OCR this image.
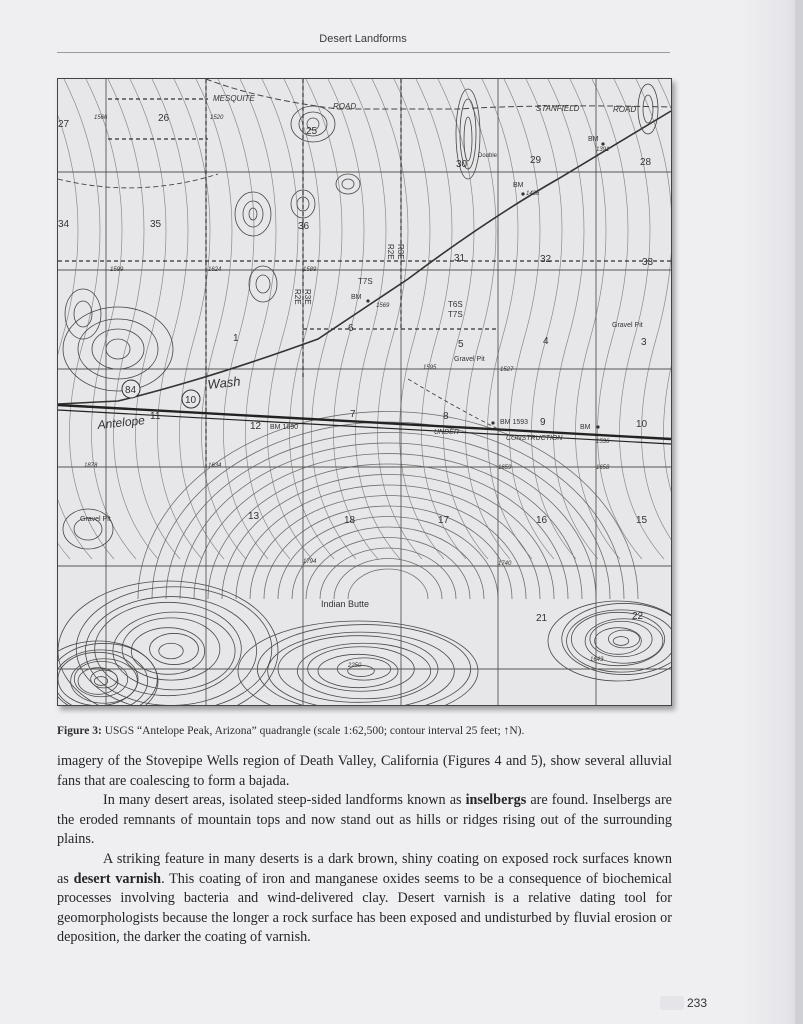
Desert Landforms
84
10
MESQUITE
ROAD	STANFIELD	ROAD
Wash
Antelope
Indian Butte
Double
Gravel Pit
Gravel Pit
Gravel Pit
UNDER
CONSTRUCTION
T7S
T6S
T7S
R2E R3E
R2E R3E
BM
BM
BM
BM
BM 1690
BM 1593
26
25
30	29	28
27
35	36
31	32	33
34
1
6
5	4	3
12
7	8
9	10
11
13	18	17	16	15
21	22
1391
1436
1569
1595	1527
1536
1658
1659
1643
2250
1520
1566
1624	1589
1599
1634
1794
1878
1740
Figure 3: USGS “Antelope Peak, Arizona” quadrangle (scale 1:62,500; contour interval 25 feet; ↑N).

imagery of the Stovepipe Wells region of Death Valley, California (Figures 4 and 5), show several alluvial fans that are coalescing to form a bajada.

In many desert areas, isolated steep-sided landforms known as inselbergs are found. Inselbergs are the eroded remnants of mountain tops and now stand out as hills or ridges rising out of the surrounding plains.

A striking feature in many deserts is a dark brown, shiny coating on exposed rock surfaces known as desert varnish. This coating of iron and manganese oxides seems to be a consequence of biochemical processes involving bacteria and wind-delivered clay. Desert varnish is a relative dating tool for geomorphologists because the longer a rock surface has been exposed and undisturbed by fluvial erosion or deposition, the darker the coating of varnish.

233
